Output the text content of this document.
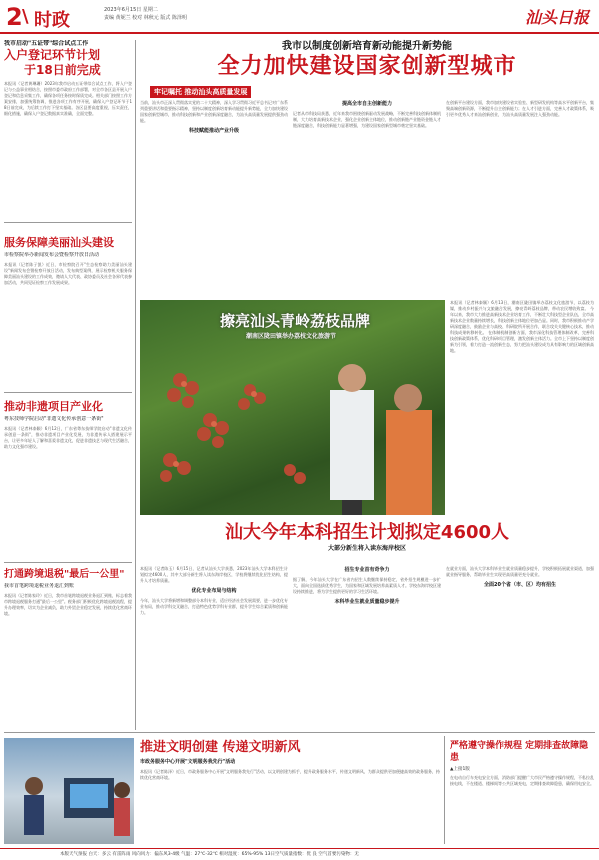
2 \ 时政	2023年6月15日 星期二
责编 黄妮兰 校对 林秋元 版式 陈泽明	汕头日报
我市启动"五证带"综合试点工作
入户登记环节计划
于18日前完成
本报讯（记者黄琳珊）2023年我市启动五证带综合试点工作，将入户登记与公益事业相结合，按照市委市政府工作部署，对全市各区县开展入户登记和信息采集工作，确保各项任务按时保质完成。相关部门按照工作方案安排，加强统筹协调，推进各项工作有序开展，确保入户登记环节于18日前完成，为后续工作打下坚实基础。各区县要高度重视，压实责任，细化措施，确保入户登记数据真实准确，全面完整。
服务保障美丽汕头建设
市检察院举办新闻发布会暨检察开放日活动
本报讯（记者陈子凯）近日，市检察院召开"生态检察助力美丽汕头建设"新闻发布会暨检察开放日活动，发布典型案例，展示检察机关服务保障美丽汕头建设的工作成效，邀请人大代表、政协委员及社会各界代表参加活动，共同见证检察工作发展成果。
推动非遗项目产业化
粤东技师学院启动"非遗文化传承创意一条街"
本报讯（记者林泰颖）6月12日，广东省粤东技师学院启动"非遗文化传承创意一条街"，推动非遗项目产业化发展，为非遗传承人搭建展示平台，让更多年轻人了解和喜爱非遗文化，促进非遗技艺与现代生活融合，助力文化强市建设。
打通跨境退税"最后一公里"
我市首笔跨境退税业务退汇到账
本报讯（记者陈家玲）近日，我市首笔跨境退税业务退汇到账，标志着我市跨境退税服务打通"最后一公里"。税务部门积极优化跨境退税流程，提升办理效率，切实为企业减负，助力外贸企业稳定发展，持续优化营商环境。
我市以制度创新培育新动能提升新势能
全力加快建设国家创新型城市
牢记嘱托 推动汕头高质量发展
当前，汕头市正深入贯彻落实党的二十大精神，深入学习贯彻习近平总书记对广东系列重要讲话和重要指示精神，坚持以制度创新培育新动能提升新势能，全力加快建设国家创新型城市，推动科技创新和产业创新深度融合，为汕头高质量发展提供强劲动能。
科技赋能推动产业升级
提高全市自主创新能力
记者从市科技局获悉，近年来我市围绕创新驱动发展战略，不断完善科技创新体制机制，大力培育高新技术企业，强化企业创新主体地位，推动创新链产业链资金链人才链深度融合，科技创新能力显著增强，为建设国家创新型城市奠定坚实基础。
在创新平台建设方面，我市加快建设省实验室、新型研发机构等高水平创新平台，集聚高端创新资源，不断提升自主创新能力；在人才引进方面，完善人才政策体系，吸引更多优秀人才来汕创新创业，为汕头高质量发展注入强劲动能。
擦亮汕头青岭荔枝品牌
潮南区陇田镇举办荔枝文化旅游节
本报讯（记者林泰颖）6月13日，潮南区陇田镇举办荔枝文化旅游节，以荔枝为媒，推动乡村振兴与文旅融合发展，擦亮青岭荔枝品牌，带动农民增收致富。 今年以来，我市大力推进高新技术企业培育工作，不断壮大科技型企业队伍，全市高新技术企业数量持续增长，科技创新主体地位更加凸显。同时，我市积极推动产学研深度融合，鼓励企业与高校、科研院所开展合作，联合攻关关键核心技术，推动科技成果转移转化。 在体制机制创新方面，我市深化科技管理体制改革，完善科技创新政策体系，优化科研项目管理，激发创新主体活力。全市上下坚持以制度创新为引领，着力打造一流创新生态，努力把汕头建设成为具有影响力的区域创新高地。
汕大今年本科招生计划拟定4600人
大部分新生将入读东海岸校区
本报讯（记者陈玉）6月15日，记者从汕头大学获悉，2023年汕头大学本科招生计划拟定4600人，其中大部分新生将入读东海岸校区，学校将继续优化招生结构，提升人才培养质量。
优化专业布局与结构
今年，汕头大学将新增和调整部分本科专业，适应经济社会发展需要，进一步优化专业布局，推动学科交叉融合，打造特色优势学科专业群，提升学生综合素质和创新能力。
招生专业首有奇争力
据了解，今年汕头大学在广东省内招生人数继续保持稳定，省外招生规模进一步扩大，面向全国选拔优秀学生，为国家和区域发展培养高素质人才。学校东海岸校区建设持续推进，将为学生提供更好的学习生活环境。
本科毕业生就业质量稳步提升
在就业方面，汕头大学本科毕业生就业质量稳步提升，学校积极拓展就业渠道，加强就业指导服务，帮助毕业生实现更高质量更充分就业。
全面20个省（市、区）均有招生
推进文明创建 传递文明新风
市政务服务中心开展"文明服务我先行"活动
本报讯（记者陈泽）近日，市政务服务中心开展"文明服务我先行"活动，以文明创建为抓手，提升政务服务水平，传递文明新风，为群众提供更加便捷高效的政务服务，持续优化营商环境。
严格遵守操作规程 定期排查故障隐患
▲上接1版
在电动自行车充电安全方面，消防部门提醒广大市民严格遵守操作规程，不私拉乱接电线，不在楼道、楼梯间等公共区域充电，定期排查故障隐患，确保用电安全。
本版天气预报 白天：多云 有雷阵雨 风向风力：偏东风3-4级 气温：27℃-32℃ 相对湿度：65%-95% 13日空气质量指数：优 良 空气首要污染物：无
